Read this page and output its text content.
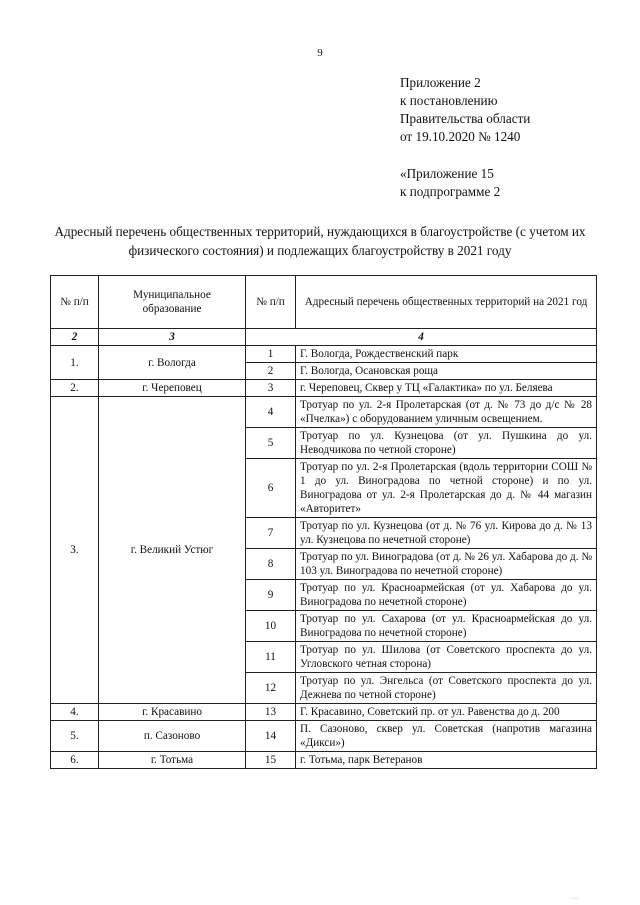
9
Приложение 2
к постановлению
Правительства области
от 19.10.2020 № 1240
«Приложение 15
к подпрограмме 2
Адресный перечень общественных территорий, нуждающихся в благоустройстве (с учетом их физического состояния) и подлежащих благоустройству в 2021 году
№ п/п	Муниципальное образование	№ п/п	Адресный перечень общественных территорий на 2021 год
2	3	4	
1.	г. Вологда	1	Г. Вологда, Рождественский парк
		2	Г. Вологда, Осановская роща
2.	г. Череповец	3	г. Череповец, Сквер у ТЦ «Галактика» по ул. Беляева
3.	г. Великий Устюг	4	Тротуар по ул. 2-я Пролетарская (от д. № 73 до д/с № 28 «Пчелка») с оборудованием уличным освещением.
		5	Тротуар по ул. Кузнецова (от ул. Пушкина до ул. Неводчикова по четной стороне)
		6	Тротуар по ул. 2-я Пролетарская (вдоль территории СОШ № 1 до ул. Виноградова по четной стороне) и по ул. Виноградова от ул. 2-я Пролетарская до д. № 44 магазин «Авторитет»
		7	Тротуар по ул. Кузнецова (от д. № 76 ул. Кирова до д. № 13 ул. Кузнецова по нечетной стороне)
		8	Тротуар по ул. Виноградова (от д. № 26 ул. Хабарова до д. № 103 ул. Виноградова по нечетной стороне)
		9	Тротуар по ул. Красноармейская (от ул. Хабарова до ул. Виноградова по нечетной стороне)
		10	Тротуар по ул. Сахарова (от ул. Красноармейская до ул. Виноградова по нечетной стороне)
		11	Тротуар по ул. Шилова (от Советского проспекта до ул. Угловского четная сторона)
		12	Тротуар по ул. Энгельса (от Советского проспекта до ул. Дежнева по четной стороне)
4.	г. Красавино	13	Г. Красавино, Советский пр. от ул. Равенства до д. 200
5.	п. Сазоново	14	П. Сазоново, сквер ул. Советская (напротив магазина «Дикси»)
6.	г. Тотьма	15	г. Тотьма, парк Ветеранов
····
